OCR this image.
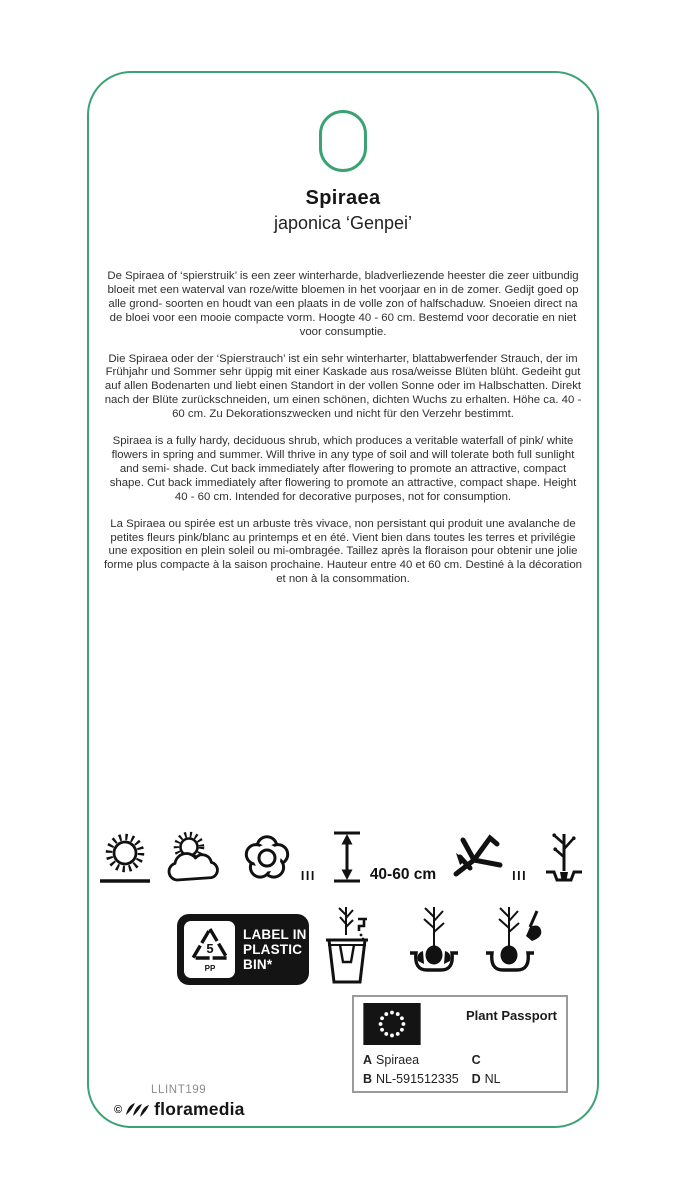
Spiraea
japonica ‘Genpei’

De Spiraea of ‘spierstruik’ is een zeer winterharde, bladverliezende heester die zeer uitbundig bloeit met een waterval van roze/witte bloemen in het voorjaar en in de zomer. Gedijt goed op alle grond- soorten en houdt van een plaats in de volle zon of halfschaduw. Snoeien direct na de bloei voor een mooie compacte vorm. Hoogte 40 - 60 cm. Bestemd voor decoratie en niet voor consumptie.

Die Spiraea oder der ‘Spierstrauch’ ist ein sehr winterharter, blattabwerfender Strauch, der im Frühjahr und Sommer sehr üppig mit einer Kaskade aus rosa/weisse Blüten blüht. Gedeiht gut auf allen Bodenarten und liebt einen Standort in der vollen Sonne oder im Halbschatten. Direkt nach der Blüte zurückschneiden, um einen schönen, dichten Wuchs zu erhalten. Höhe ca. 40 - 60 cm. Zu Dekorationszwecken und nicht für den Verzehr bestimmt.

Spiraea is a fully hardy, deciduous shrub, which produces a veritable waterfall of pink/ white flowers in spring and summer. Will thrive in any type of soil and will tolerate both full sunlight and semi- shade. Cut back immediately after flowering to promote an attractive, compact shape. Cut back immediately after flowering to promote an attractive, compact shape. Height 40 - 60 cm. Intended for decorative purposes, not for consumption.

La Spiraea ou spirée est un arbuste très vivace, non persistant qui produit une avalanche de petites fleurs pink/blanc au printemps et en été. Vient bien dans toutes les terres et privilégie une exposition en plein soleil ou mi-ombragée. Taillez après la floraison pour obtenir une jolie forme plus compacte à la saison prochaine. Hauteur entre 40 et 60 cm. Destiné à la décoration et non à la consommation.

III	40-60 cm	III
5
PP
LABEL IN
PLASTIC
BIN*
Plant Passport
A Spiraea	C
B NL-591512335	D NL
LLINT199
© floramedia
